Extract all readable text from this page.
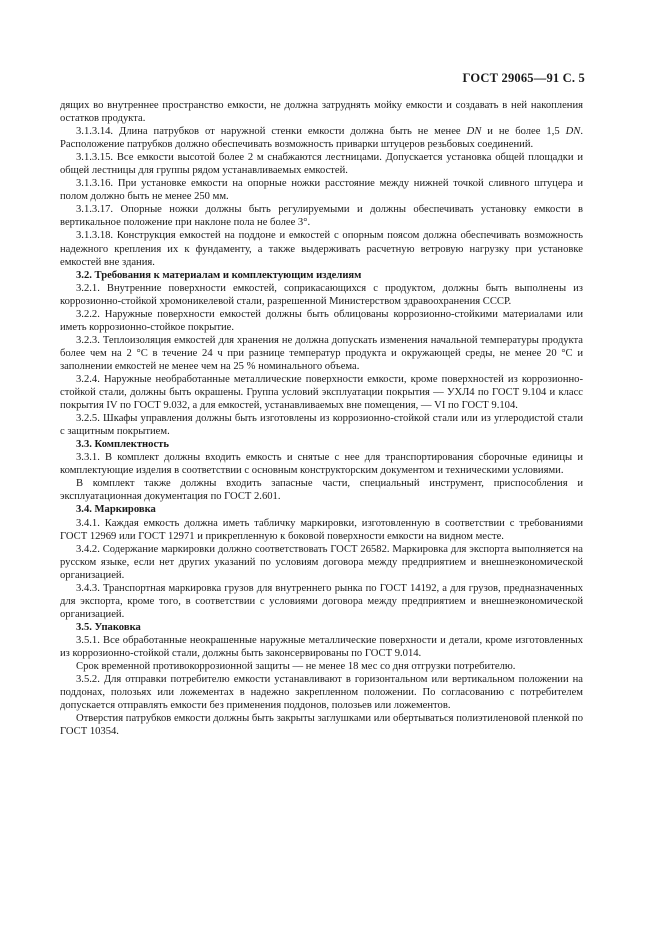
ГОСТ 29065—91 С. 5

дящих во внутреннее пространство емкости, не должна затруднять мойку емкости и создавать в ней накопления остатков продукта.

3.1.3.14. Длина патрубков от наружной стенки емкости должна быть не менее DN и не более 1,5 DN. Расположение патрубков должно обеспечивать возможность приварки штуцеров резьбовых соединений.

3.1.3.15. Все емкости высотой более 2 м снабжаются лестницами. Допускается установка общей площадки и общей лестницы для группы рядом устанавливаемых емкостей.

3.1.3.16. При установке емкости на опорные ножки расстояние между нижней точкой сливного штуцера и полом должно быть не менее 250 мм.

3.1.3.17. Опорные ножки должны быть регулируемыми и должны обеспечивать установку емкости в вертикальное положение при наклоне пола не более 3°.

3.1.3.18. Конструкция емкостей на поддоне и емкостей с опорным поясом должна обеспечивать возможность надежного крепления их к фундаменту, а также выдерживать расчетную ветровую нагрузку при установке емкостей вне здания.

3.2. Требования к материалам и комплектующим изделиям

3.2.1. Внутренние поверхности емкостей, соприкасающихся с продуктом, должны быть выполнены из коррозионно-стойкой хромоникелевой стали, разрешенной Министерством здравоохранения СССР.

3.2.2. Наружные поверхности емкостей должны быть облицованы коррозионно-стойкими материалами или иметь коррозионно-стойкое покрытие.

3.2.3. Теплоизоляция емкостей для хранения не должна допускать изменения начальной температуры продукта более чем на 2 °С в течение 24 ч при разнице температур продукта и окружающей среды, не менее 20 °С и заполнении емкостей не менее чем на 25 % номинального объема.

3.2.4. Наружные необработанные металлические поверхности емкости, кроме поверхностей из коррозионно-стойкой стали, должны быть окрашены. Группа условий эксплуатации покрытия — УХЛ4 по ГОСТ 9.104 и класс покрытия IV по ГОСТ 9.032, а для емкостей, устанавливаемых вне помещения, — VI по ГОСТ 9.104.

3.2.5. Шкафы управления должны быть изготовлены из коррозионно-стойкой стали или из углеродистой стали с защитным покрытием.

3.3. Комплектность

3.3.1. В комплект должны входить емкость и снятые с нее для транспортирования сборочные единицы и комплектующие изделия в соответствии с основным конструкторским документом и техническими условиями.

В комплект также должны входить запасные части, специальный инструмент, приспособления и эксплуатационная документация по ГОСТ 2.601.

3.4. Маркировка

3.4.1. Каждая емкость должна иметь табличку маркировки, изготовленную в соответствии с требованиями ГОСТ 12969 или ГОСТ 12971 и прикрепленную к боковой поверхности емкости на видном месте.

3.4.2. Содержание маркировки должно соответствовать ГОСТ 26582. Маркировка для экспорта выполняется на русском языке, если нет других указаний по условиям договора между предприятием и внешнеэкономической организацией.

3.4.3. Транспортная маркировка грузов для внутреннего рынка по ГОСТ 14192, а для грузов, предназначенных для экспорта, кроме того, в соответствии с условиями договора между предприятием и внешнеэкономической организацией.

3.5. Упаковка

3.5.1. Все обработанные неокрашенные наружные металлические поверхности и детали, кроме изготовленных из коррозионно-стойкой стали, должны быть законсервированы по ГОСТ 9.014.

Срок временной противокоррозионной защиты — не менее 18 мес со дня отгрузки потребителю.

3.5.2. Для отправки потребителю емкости устанавливают в горизонтальном или вертикальном положении на поддонах, полозьях или ложементах в надежно закрепленном положении. По согласованию с потребителем допускается отправлять емкости без применения поддонов, полозьев или ложементов.

Отверстия патрубков емкости должны быть закрыты заглушками или обертываться полиэтиленовой пленкой по ГОСТ 10354.
